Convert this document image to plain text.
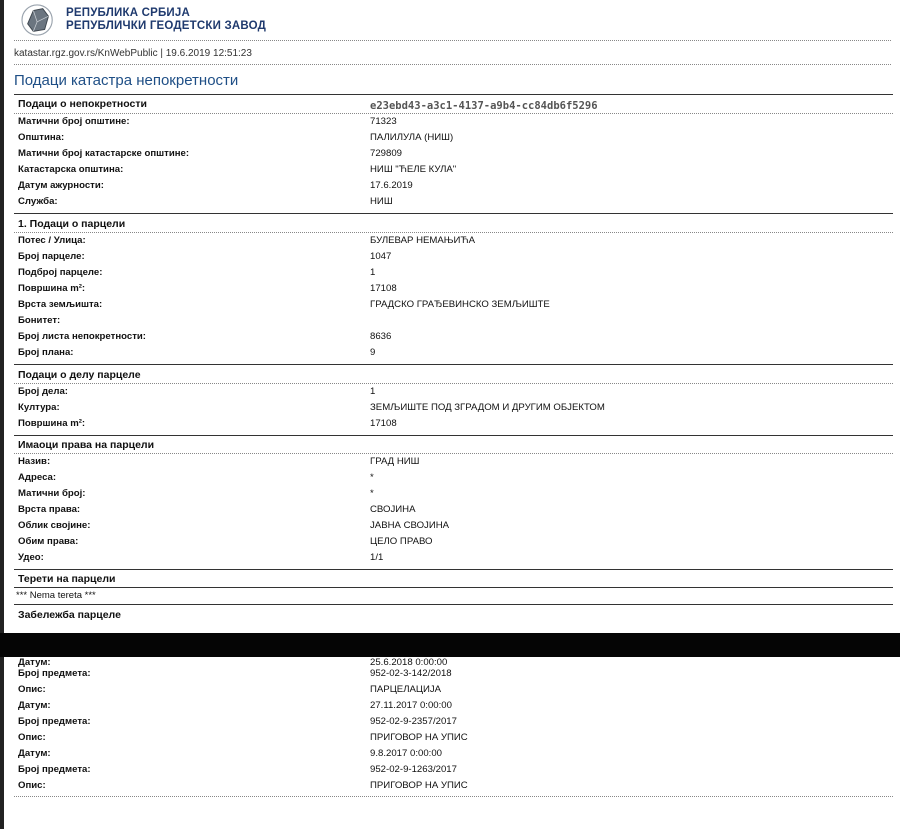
РЕПУБЛИКА СРБИЈА
РЕПУБЛИЧКИ ГЕОДЕТСКИ ЗАВОД
katastar.rgz.gov.rs/KnWebPublic | 19.6.2019 12:51:23
Подаци катастра непокретности
Подаци о непокретности	e23ebd43-a3c1-4137-a9b4-cc84db6f5296
Матични број општине:	71323
Општина:	ПАЛИЛУЛА (НИШ)
Матични број катастарске општине:	729809
Катастарска општина:	НИШ "ЋЕЛЕ КУЛА"
Датум ажурности:	17.6.2019
Служба:	НИШ
1. Подаци о парцели
Потес / Улица:	БУЛЕВАР НЕМАЊИЋА
Број парцеле:	1047
Подброј парцеле:	1
Површина m²:	17108
Врста земљишта:	ГРАДСКО ГРАЂЕВИНСКО ЗЕМЉИШТЕ
Бонитет:
Број листа непокретности:	8636
Број плана:	9
Подаци о делу парцеле
Број дела:	1
Култура:	ЗЕМЉИШТЕ ПОД ЗГРАДОМ И ДРУГИМ ОБЈЕКТОМ
Површина m²:	17108
Имаоци права на парцели
Назив:	ГРАД НИШ
Адреса:	*
Матични број:	*
Врста права:	СВОЈИНА
Облик својине:	ЈАВНА СВОЈИНА
Обим права:	ЦЕЛО ПРАВО
Удео:	1/1
Терети на парцели
*** Nema tereta ***
Забележба парцеле
Датум:	25.6.2018 0:00:00
Број предмета:	952-02-3-142/2018
Опис:	ПАРЦЕЛАЦИЈА
Датум:	27.11.2017 0:00:00
Број предмета:	952-02-9-2357/2017
Опис:	ПРИГОВОР НА УПИС
Датум:	9.8.2017 0:00:00
Број предмета:	952-02-9-1263/2017
Опис:	ПРИГОВОР НА УПИС
